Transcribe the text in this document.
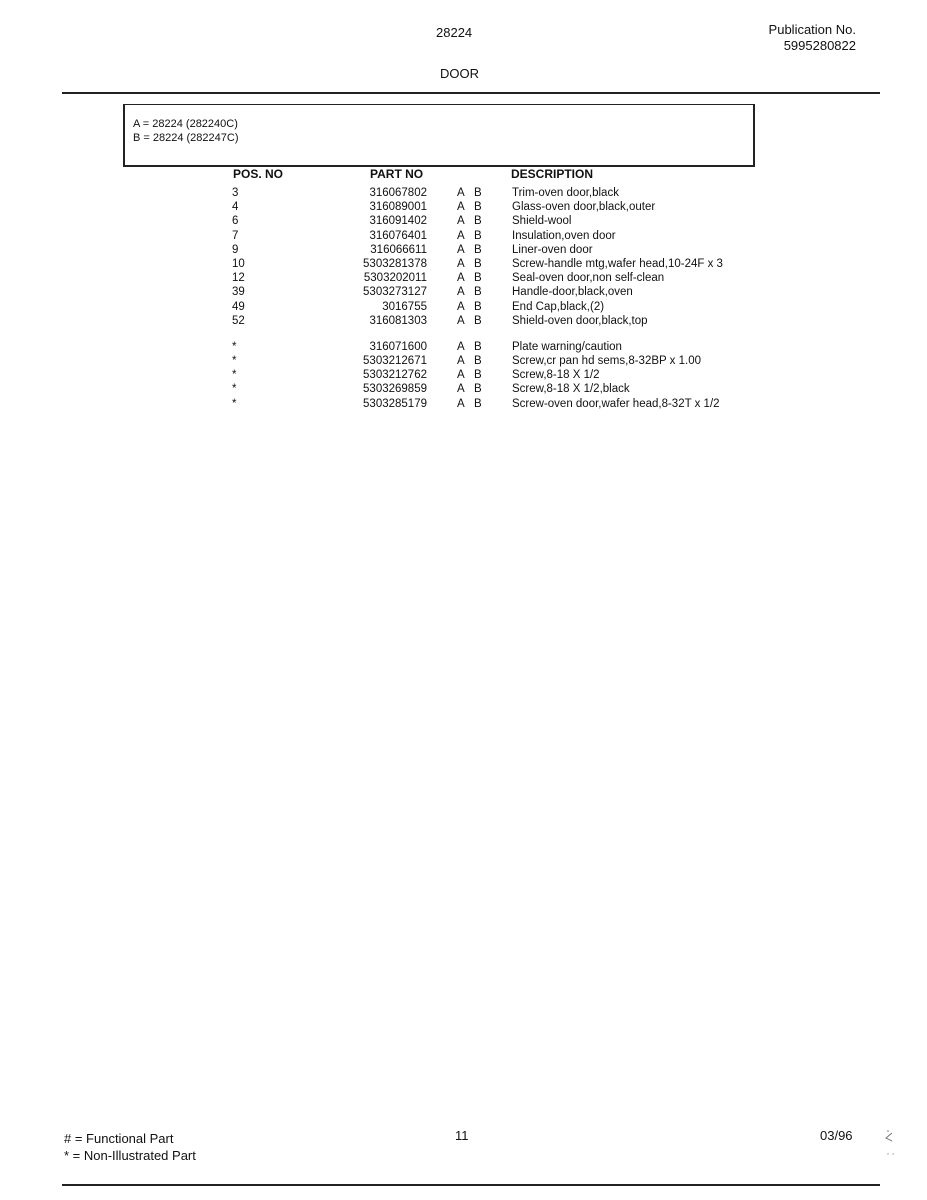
28224	Publication No.
5995280822
DOOR
A = 28224 (282240C)
B = 28224 (282247C)
POS. NO	PART NO	DESCRIPTION
3	316067802	A B	Trim-oven door,black
4	316089001	A B	Glass-oven door,black,outer
6	316091402	A B	Shield-wool
7	316076401	A B	Insulation,oven door
9	316066611	A B	Liner-oven door
10	5303281378	A B	Screw-handle mtg,wafer head,10-24F x 3
12	5303202011	A B	Seal-oven door,non self-clean
39	5303273127	A B	Handle-door,black,oven
49	3016755	A B	End Cap,black,(2)
52	316081303	A B	Shield-oven door,black,top
*	316071600	A B	Plate warning/caution
*	5303212671	A B	Screw,cr pan hd sems,8-32BP x 1.00
*	5303212762	A B	Screw,8-18 X 1/2
*	5303269859	A B	Screw,8-18 X 1/2,black
*	5303285179	A B	Screw-oven door,wafer head,8-32T x 1/2
# = Functional Part
* = Non-Illustrated Part
11	03/96
